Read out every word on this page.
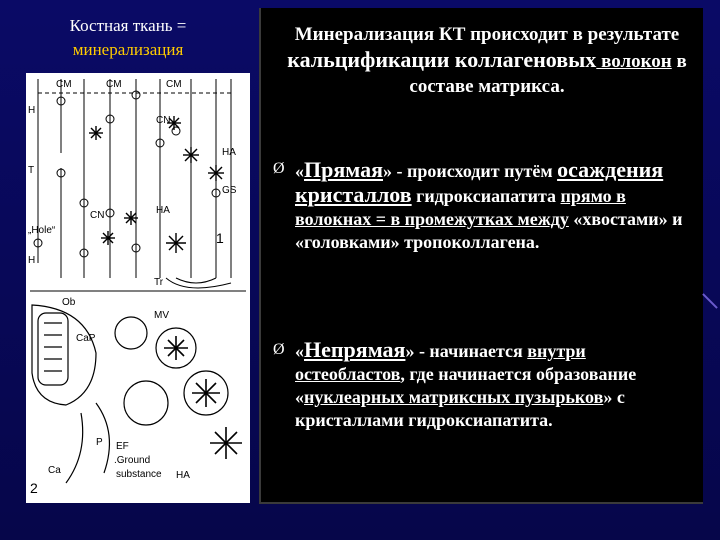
Костная ткань =
минерализация
CM	CM	CM
H
T
„Hole“
CN
CN
HA
HA
GS
H
Tr
1
Ob
CaP
MV
EF
.Ground
substance
P
Ca
2
HA
Минерализация КТ происходит в результате кальцификации коллагеновых волокон в составе матрикса.
Ø «Прямая» - происходит путём осаждения кристаллов гидроксиапатита прямо в волокнах = в промежутках между «хвостами» и «головками» тропоколлагена.
Ø «Непрямая» - начинается внутри остеобластов, где начинается образование «нуклеарных матриксных пузырьков» с кристаллами гидроксиапатита.
